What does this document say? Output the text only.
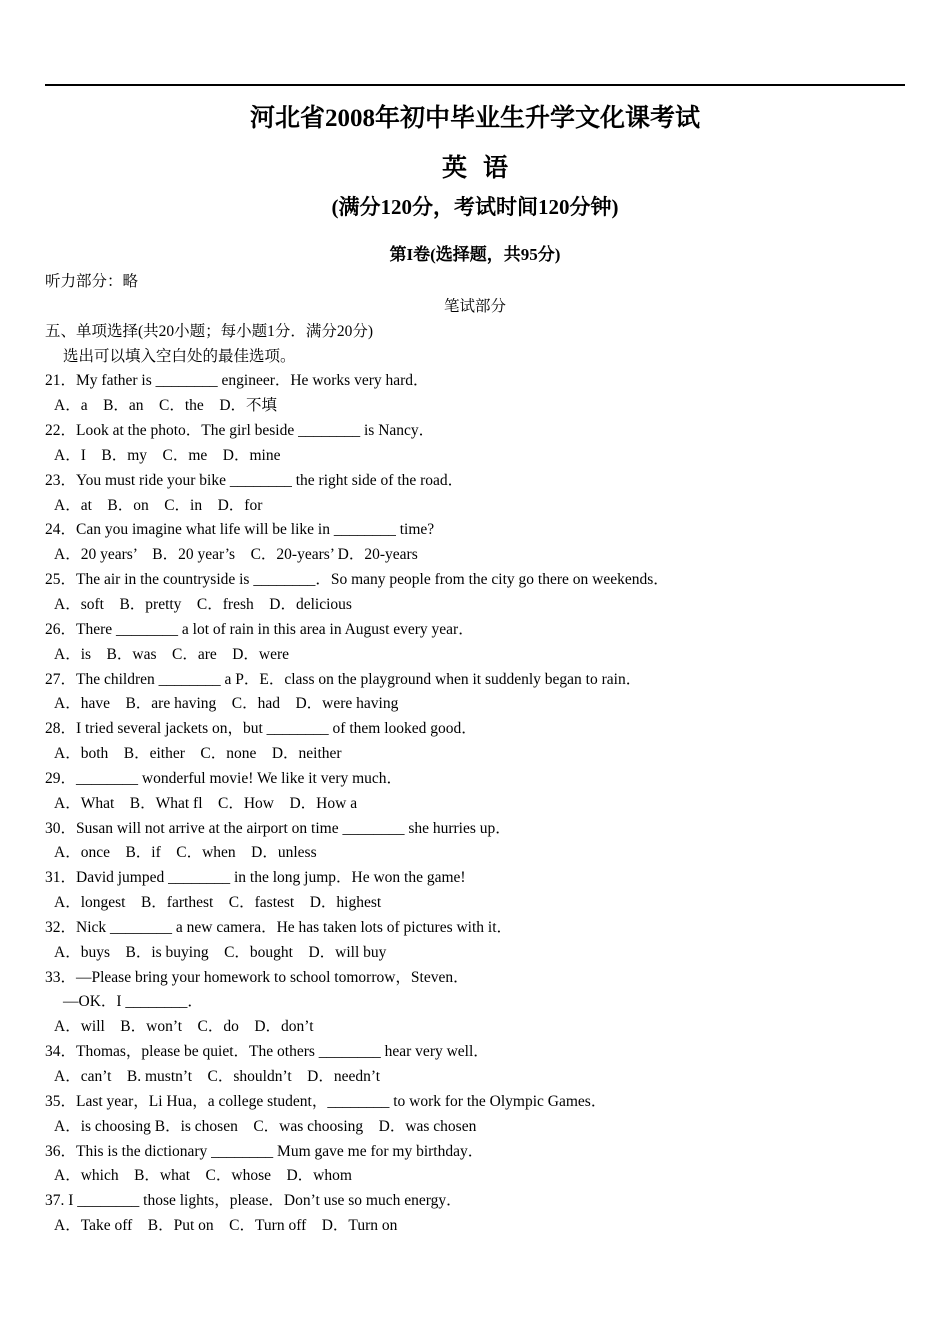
河北省2008年初中毕业生升学文化课考试
英语
(满分120分，考试时间120分钟)
第I卷(选择题，共95分)
听力部分：略
笔试部分
五、单项选择(共20小题；每小题1分．满分20分)
选出可以填入空白处的最佳选项。
21．My father is ________ engineer．He works very hard．
A．a　B．an　C．the　D．不填
22．Look at the photo．The girl beside ________ is Nancy．
A．I　B．my　C．me　D．mine
23．You must ride your bike ________ the right side of the road．
A．at　B．on　C．in　D．for
24．Can you imagine what life will be like in ________ time?
A．20 years’　B．20 year’s　C．20-years’ D．20-years
25．The air in the countryside is ________．So many people from the city go there on weekends．
A．soft　B．pretty　C．fresh　D．delicious
26．There ________ a lot of rain in this area in August every year．
A．is　B．was　C．are　D．were
27．The children ________ a P．E．class on the playground when it suddenly began to rain．
A．have　B．are having　C．had　D．were having
28．I tried several jackets on，but ________ of them looked good．
A．both　B．either　C．none　D．neither
29．________ wonderful movie! We like it very much．
A．What　B．What fl　C．How　D．How a
30．Susan will not arrive at the airport on time ________ she hurries up．
A．once　B．if　C．when　D．unless
31．David jumped ________ in the long jump．He won the game!
A．longest　B．farthest　C．fastest　D．highest
32．Nick ________ a new camera．He has taken lots of pictures with it．
A．buys　B．is buying　C．bought　D．will buy
33．—Please bring your homework to school tomorrow，Steven．
—OK．I ________．
A．will　B．won’t　C．do　D．don’t
34．Thomas，please be quiet．The others ________ hear very well．
A．can’t　B. mustn’t　C．shouldn’t　D．needn’t
35．Last year，Li Hua，a college student，________ to work for the Olympic Games．
A．is choosing B．is chosen　C．was choosing　D．was chosen
36．This is the dictionary ________ Mum gave me for my birthday．
A．which　B．what　C．whose　D．whom
37. I ________ those lights，please．Don’t use so much energy．
A．Take off　B．Put on　C．Turn off　D．Turn on
